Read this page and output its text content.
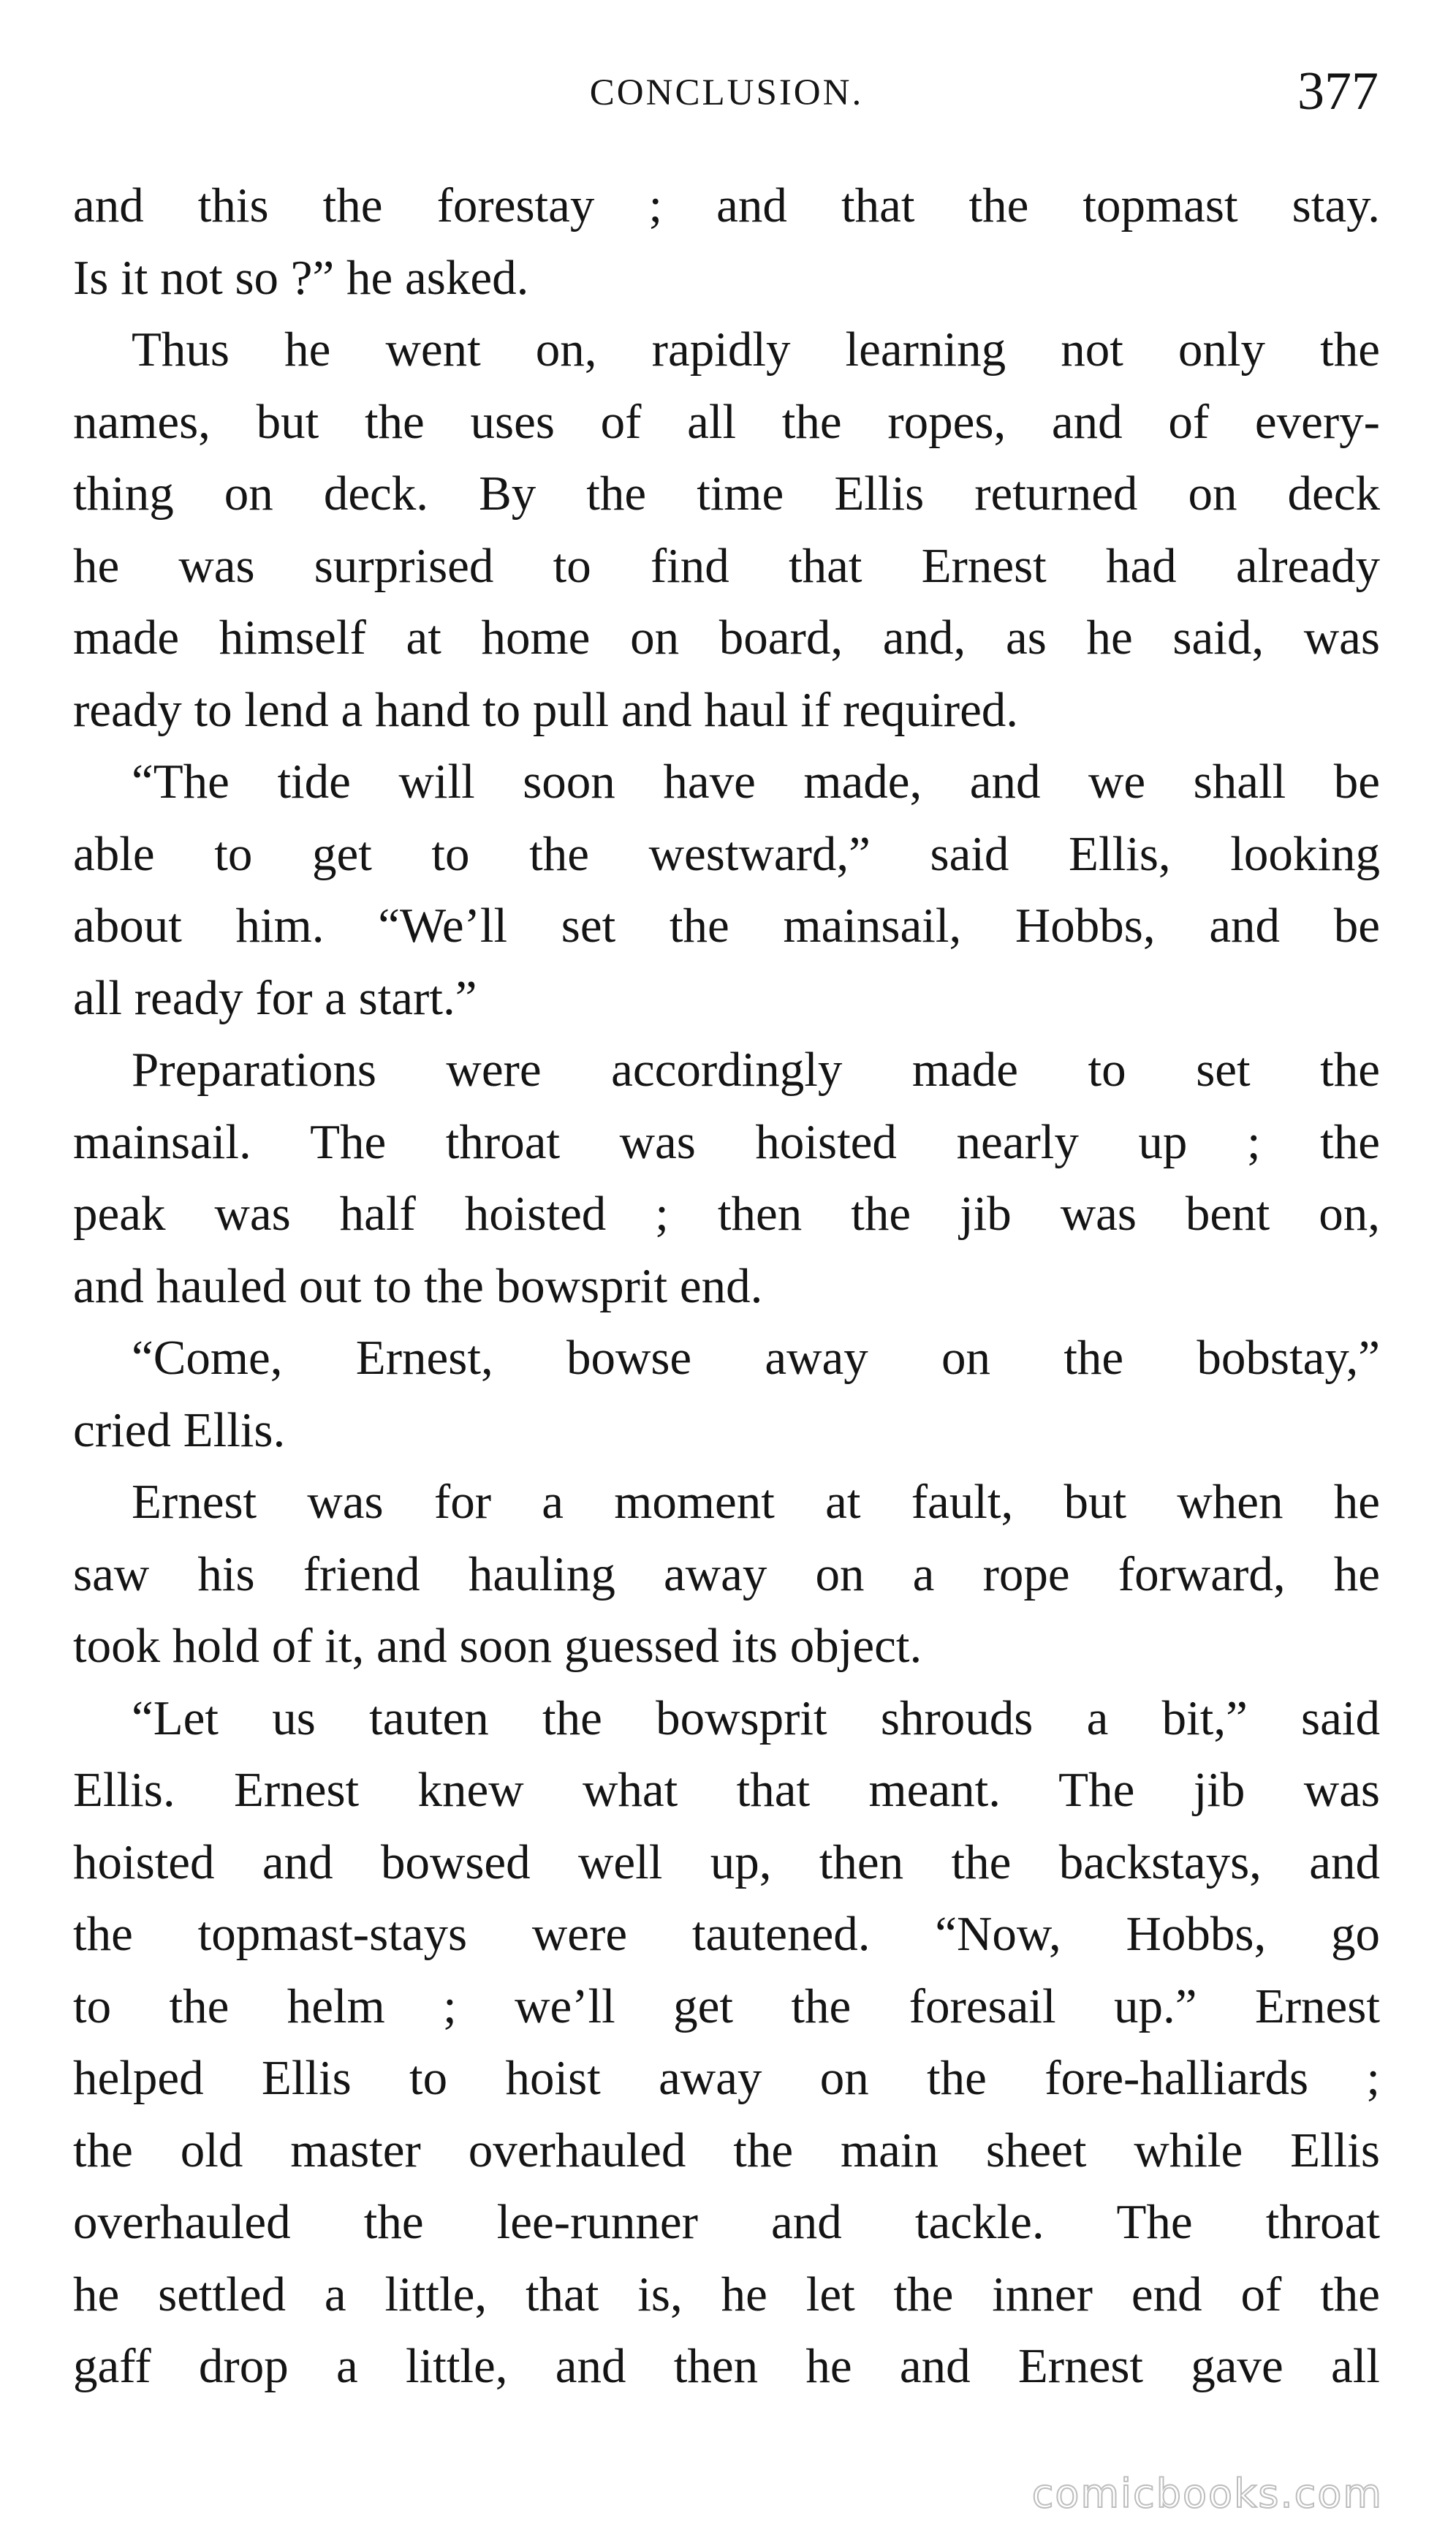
CONCLUSION.	377
and this the forestay ; and that the topmast stay.
Is it not so ?” he asked.
Thus he went on, rapidly learning not only the
names, but the uses of all the ropes, and of every-
thing on deck. By the time Ellis returned on deck
he was surprised to find that Ernest had already
made himself at home on board, and, as he said, was
ready to lend a hand to pull and haul if required.
“The tide will soon have made, and we shall be
able to get to the westward,” said Ellis, looking
about him. “We’ll set the mainsail, Hobbs, and be
all ready for a start.”
Preparations were accordingly made to set the
mainsail. The throat was hoisted nearly up ; the
peak was half hoisted ; then the jib was bent on,
and hauled out to the bowsprit end.
“Come, Ernest, bowse away on the bobstay,”
cried Ellis.
Ernest was for a moment at fault, but when he
saw his friend hauling away on a rope forward, he
took hold of it, and soon guessed its object.
“Let us tauten the bowsprit shrouds a bit,” said
Ellis. Ernest knew what that meant. The jib was
hoisted and bowsed well up, then the backstays, and
the topmast-stays were tautened. “Now, Hobbs, go
to the helm ; we’ll get the foresail up.” Ernest
helped Ellis to hoist away on the fore-halliards ;
the old master overhauled the main sheet while Ellis
overhauled the lee-runner and tackle. The throat
he settled a little, that is, he let the inner end of the
gaff drop a little, and then he and Ernest gave all
comicbooks.com
